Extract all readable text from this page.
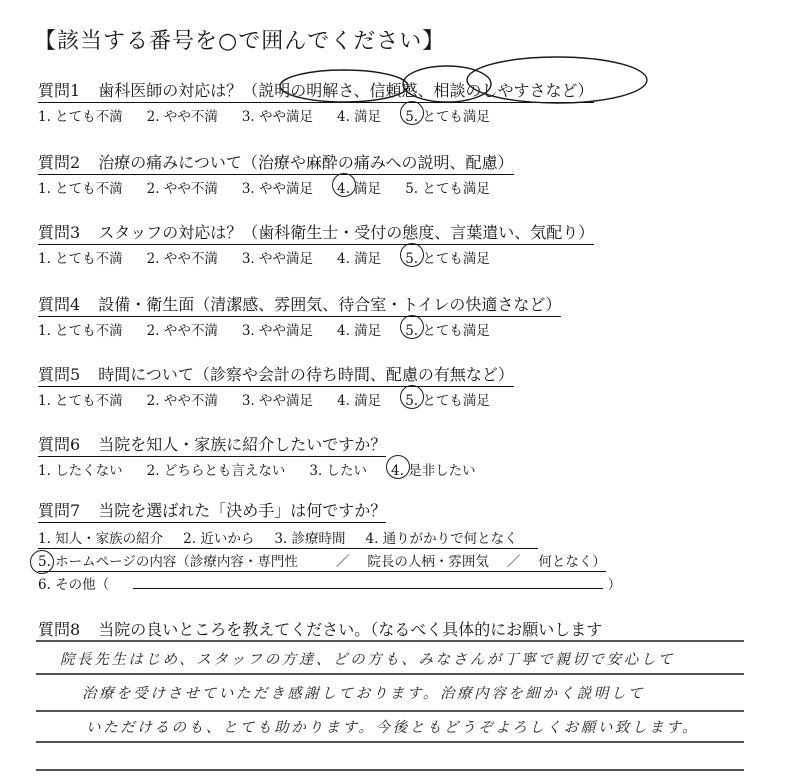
【該当する番号を○で囲んでください】
質問1 歯科医師の対応は？（説明の明解さ、信頼感、相談のしやすさなど）
1. とても不満 2. やや不満 3. やや満足 4. 満足 5. とても満足
質問2 治療の痛みについて（治療や麻酔の痛みへの説明、配慮）
1. とても不満 2. やや不満 3. やや満足 4. 満足 5. とても満足
質問3 スタッフの対応は？（歯科衛生士・受付の態度、言葉遣い、気配り）
1. とても不満 2. やや不満 3. やや満足 4. 満足 5. とても満足
質問4 設備・衛生面（清潔感、雰囲気、待合室・トイレの快適さなど）
1. とても不満 2. やや不満 3. やや満足 4. 満足 5. とても満足
質問5 時間について（診察や会計の待ち時間、配慮の有無など）
1. とても不満 2. やや不満 3. やや満足 4. 満足 5. とても満足
質問6 当院を知人・家族に紹介したいですか？
1. したくない 2. どちらとも言えない 3. したい 4. 是非したい
質問7 当院を選ばれた「決め手」は何ですか？
1. 知人・家族の紹介 2. 近いから 3. 診療時間 4. 通りがかりで何となく
5. ホームページの内容（診療内容・専門性	／ 院長の人柄・雰囲気 ／ 何となく）
6. その他（	）
質問8 当院の良いところを教えてください。（なるべく具体的にお願いします
院長先生はじめ、スタッフの方達、どの方も、みなさんが丁寧で親切で安心して
治療を受けさせていただき感謝しております。治療内容を細かく説明して
いただけるのも、とても助かります。今後ともどうぞよろしくお願い致します。
